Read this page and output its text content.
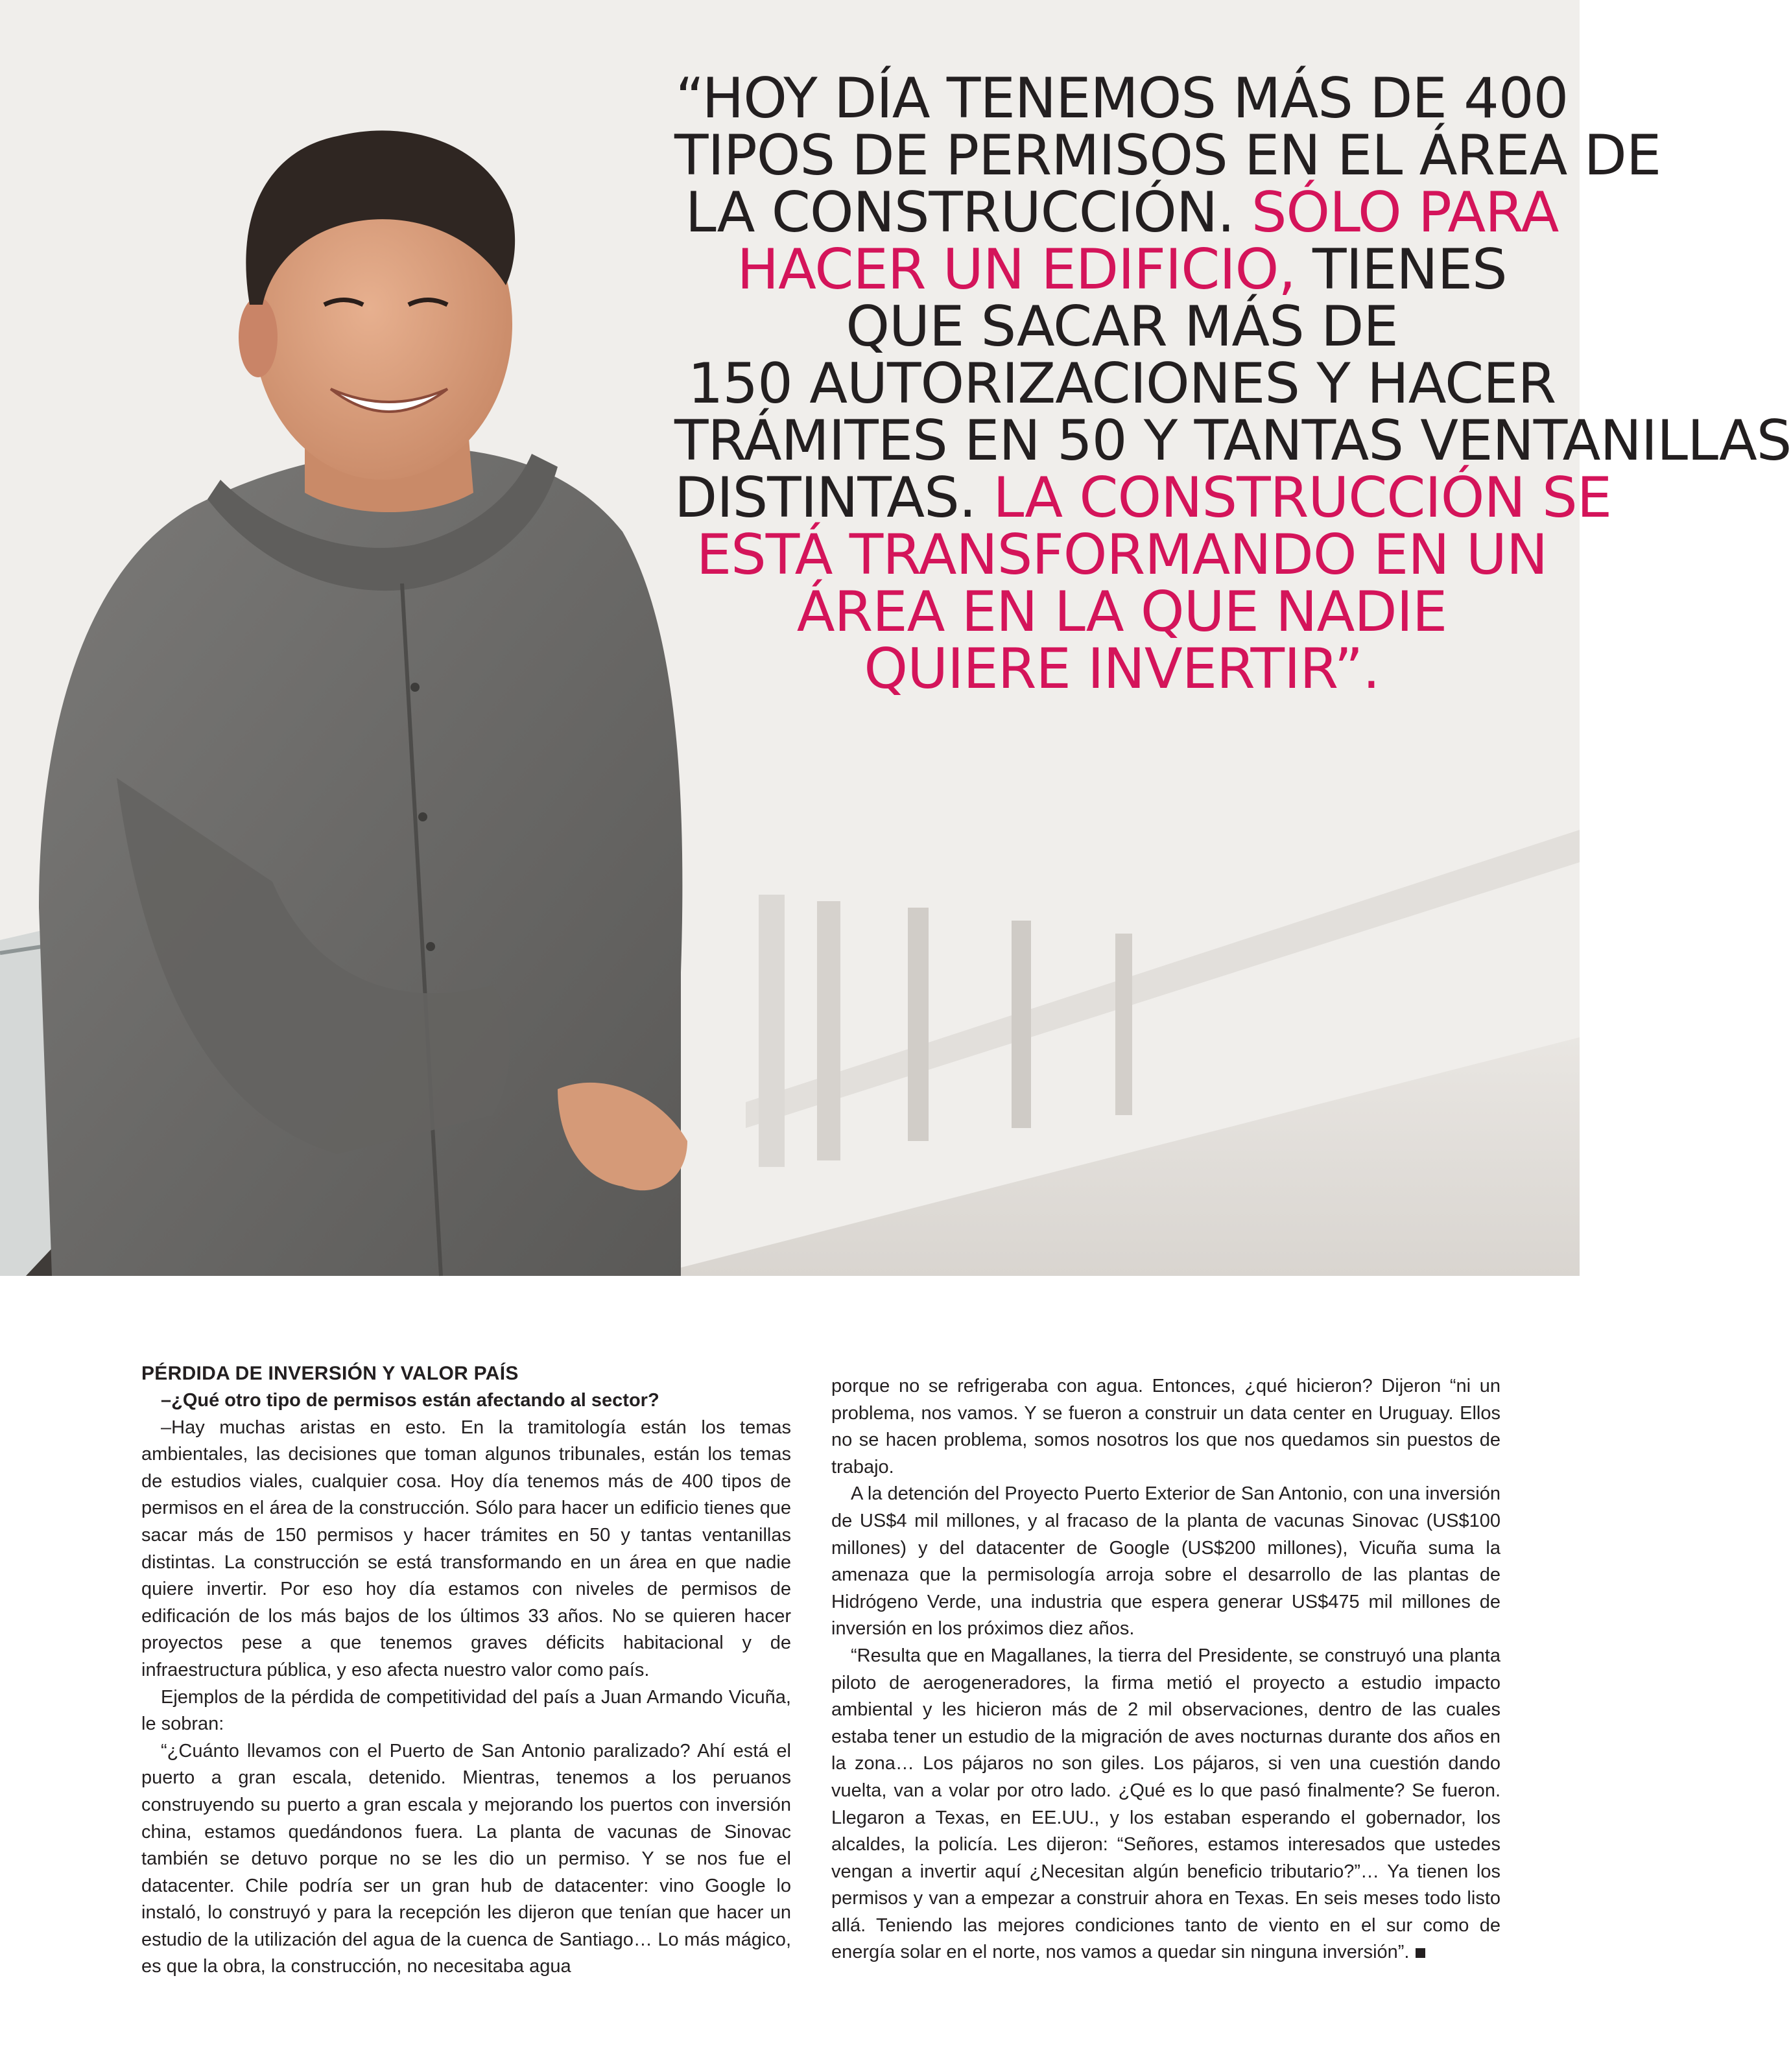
“HOY DÍA TENEMOS MÁS DE 400
TIPOS DE PERMISOS EN EL ÁREA DE
LA CONSTRUCCIÓN. SÓLO PARA
HACER UN EDIFICIO, TIENES
QUE SACAR MÁS DE
150 AUTORIZACIONES Y HACER
TRÁMITES EN 50 Y TANTAS VENTANILLAS
DISTINTAS. LA CONSTRUCCIÓN SE
ESTÁ TRANSFORMANDO EN UN
ÁREA EN LA QUE NADIE
QUIERE INVERTIR”.
PÉRDIDA DE INVERSIÓN Y VALOR PAÍS

–¿Qué otro tipo de permisos están afectando al sector?

–Hay muchas aristas en esto. En la tramitología están los temas ambientales, las decisiones que toman algunos tribunales, están los temas de estudios viales, cualquier cosa. Hoy día tenemos más de 400 tipos de permisos en el área de la construcción. Sólo para hacer un edificio tienes que sacar más de 150 permisos y hacer trámites en 50 y tantas ventanillas distintas. La construcción se está transformando en un área en que nadie quiere invertir. Por eso hoy día estamos con niveles de permisos de edificación de los más bajos de los últimos 33 años. No se quieren hacer proyectos pese a que tenemos graves déficits habitacional y de infraestructura pública, y eso afecta nuestro valor como país.

Ejemplos de la pérdida de competitividad del país a Juan Armando Vicuña, le sobran:

“¿Cuánto llevamos con el Puerto de San Antonio paralizado? Ahí está el puerto a gran escala, detenido. Mientras, tenemos a los peruanos construyendo su puerto a gran escala y mejorando los puertos con inversión china, estamos quedándonos fuera. La planta de vacunas de Sinovac también se detuvo porque no se les dio un permiso. Y se nos fue el datacenter. Chile podría ser un gran hub de datacenter: vino Google lo instaló, lo construyó y para la recepción les dijeron que tenían que hacer un estudio de la utilización del agua de la cuenca de Santiago… Lo más mágico, es que la obra, la construcción, no necesitaba agua

porque no se refrigeraba con agua. Entonces, ¿qué hicieron? Dijeron “ni un problema, nos vamos. Y se fueron a construir un data center en Uruguay. Ellos no se hacen problema, somos nosotros los que nos quedamos sin puestos de trabajo.

A la detención del Proyecto Puerto Exterior de San Antonio, con una inversión de US$4 mil millones, y al fracaso de la planta de vacunas Sinovac (US$100 millones) y del datacenter de Google (US$200 millones), Vicuña suma la amenaza que la permisología arroja sobre el desarrollo de las plantas de Hidrógeno Verde, una industria que espera generar US$475 mil millones de inversión en los próximos diez años.

“Resulta que en Magallanes, la tierra del Presidente, se construyó una planta piloto de aerogeneradores, la firma metió el proyecto a estudio impacto ambiental y les hicieron más de 2 mil observaciones, dentro de las cuales estaba tener un estudio de la migración de aves nocturnas durante dos años en la zona… Los pájaros no son giles. Los pájaros, si ven una cuestión dando vuelta, van a volar por otro lado. ¿Qué es lo que pasó finalmente? Se fueron. Llegaron a Texas, en EE.UU., y los estaban esperando el gobernador, los alcaldes, la policía. Les dijeron: “Señores, estamos interesados que ustedes vengan a invertir aquí ¿Necesitan algún beneficio tributario?”… Ya tienen los permisos y van a empezar a construir ahora en Texas. En seis meses todo listo allá. Teniendo las mejores condiciones tanto de viento en el sur como de energía solar en el norte, nos vamos a quedar sin ninguna inversión”.
